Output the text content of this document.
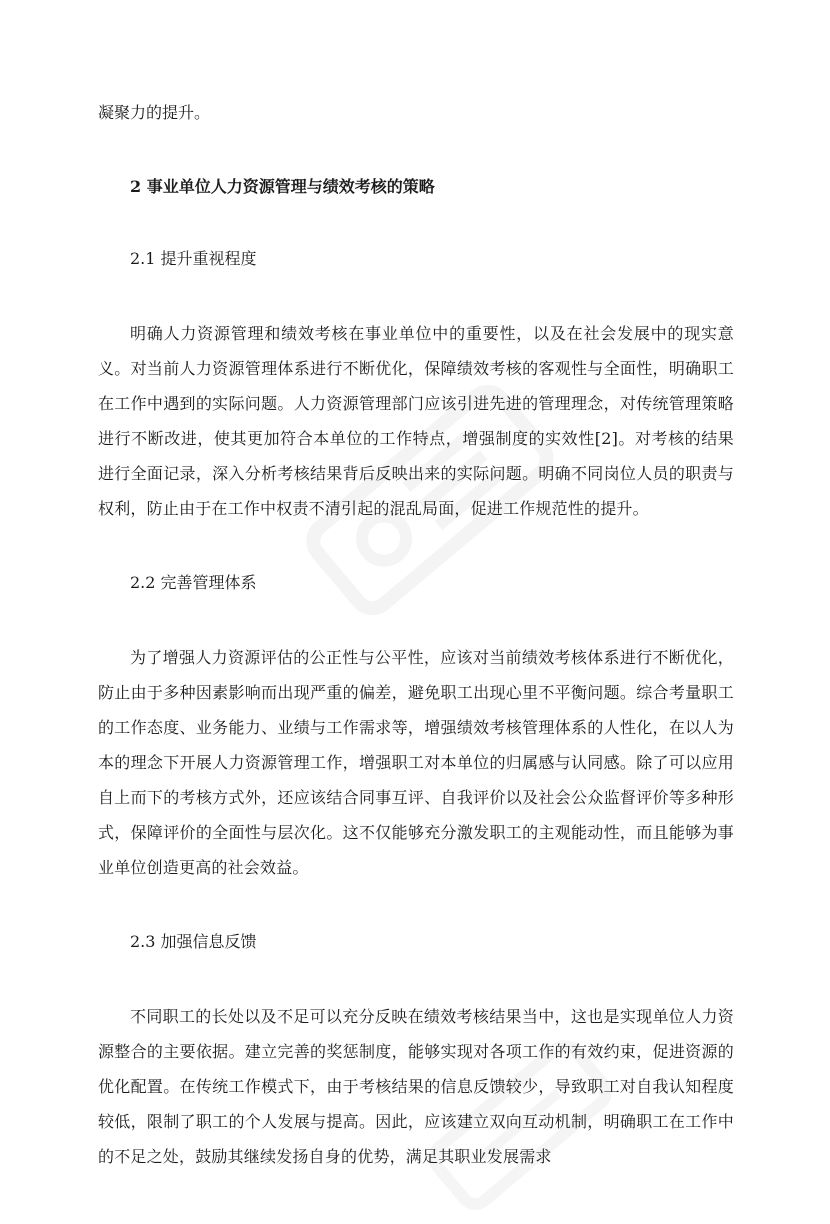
凝聚力的提升。

2 事业单位人力资源管理与绩效考核的策略

2.1 提升重视程度

明确人力资源管理和绩效考核在事业单位中的重要性，以及在社会发展中的现实意义。对当前人力资源管理体系进行不断优化，保障绩效考核的客观性与全面性，明确职工在工作中遇到的实际问题。人力资源管理部门应该引进先进的管理理念，对传统管理策略进行不断改进，使其更加符合本单位的工作特点，增强制度的实效性[2]。对考核的结果进行全面记录，深入分析考核结果背后反映出来的实际问题。明确不同岗位人员的职责与权利，防止由于在工作中权责不清引起的混乱局面，促进工作规范性的提升。

2.2 完善管理体系

为了增强人力资源评估的公正性与公平性，应该对当前绩效考核体系进行不断优化，防止由于多种因素影响而出现严重的偏差，避免职工出现心里不平衡问题。综合考量职工的工作态度、业务能力、业绩与工作需求等，增强绩效考核管理体系的人性化，在以人为本的理念下开展人力资源管理工作，增强职工对本单位的归属感与认同感。除了可以应用自上而下的考核方式外，还应该结合同事互评、自我评价以及社会公众监督评价等多种形式，保障评价的全面性与层次化。这不仅能够充分激发职工的主观能动性，而且能够为事业单位创造更高的社会效益。

2.3 加强信息反馈

不同职工的长处以及不足可以充分反映在绩效考核结果当中，这也是实现单位人力资源整合的主要依据。建立完善的奖惩制度，能够实现对各项工作的有效约束，促进资源的优化配置。在传统工作模式下，由于考核结果的信息反馈较少，导致职工对自我认知程度较低，限制了职工的个人发展与提高。因此，应该建立双向互动机制，明确职工在工作中的不足之处，鼓励其继续发扬自身的优势，满足其职业发展需求
